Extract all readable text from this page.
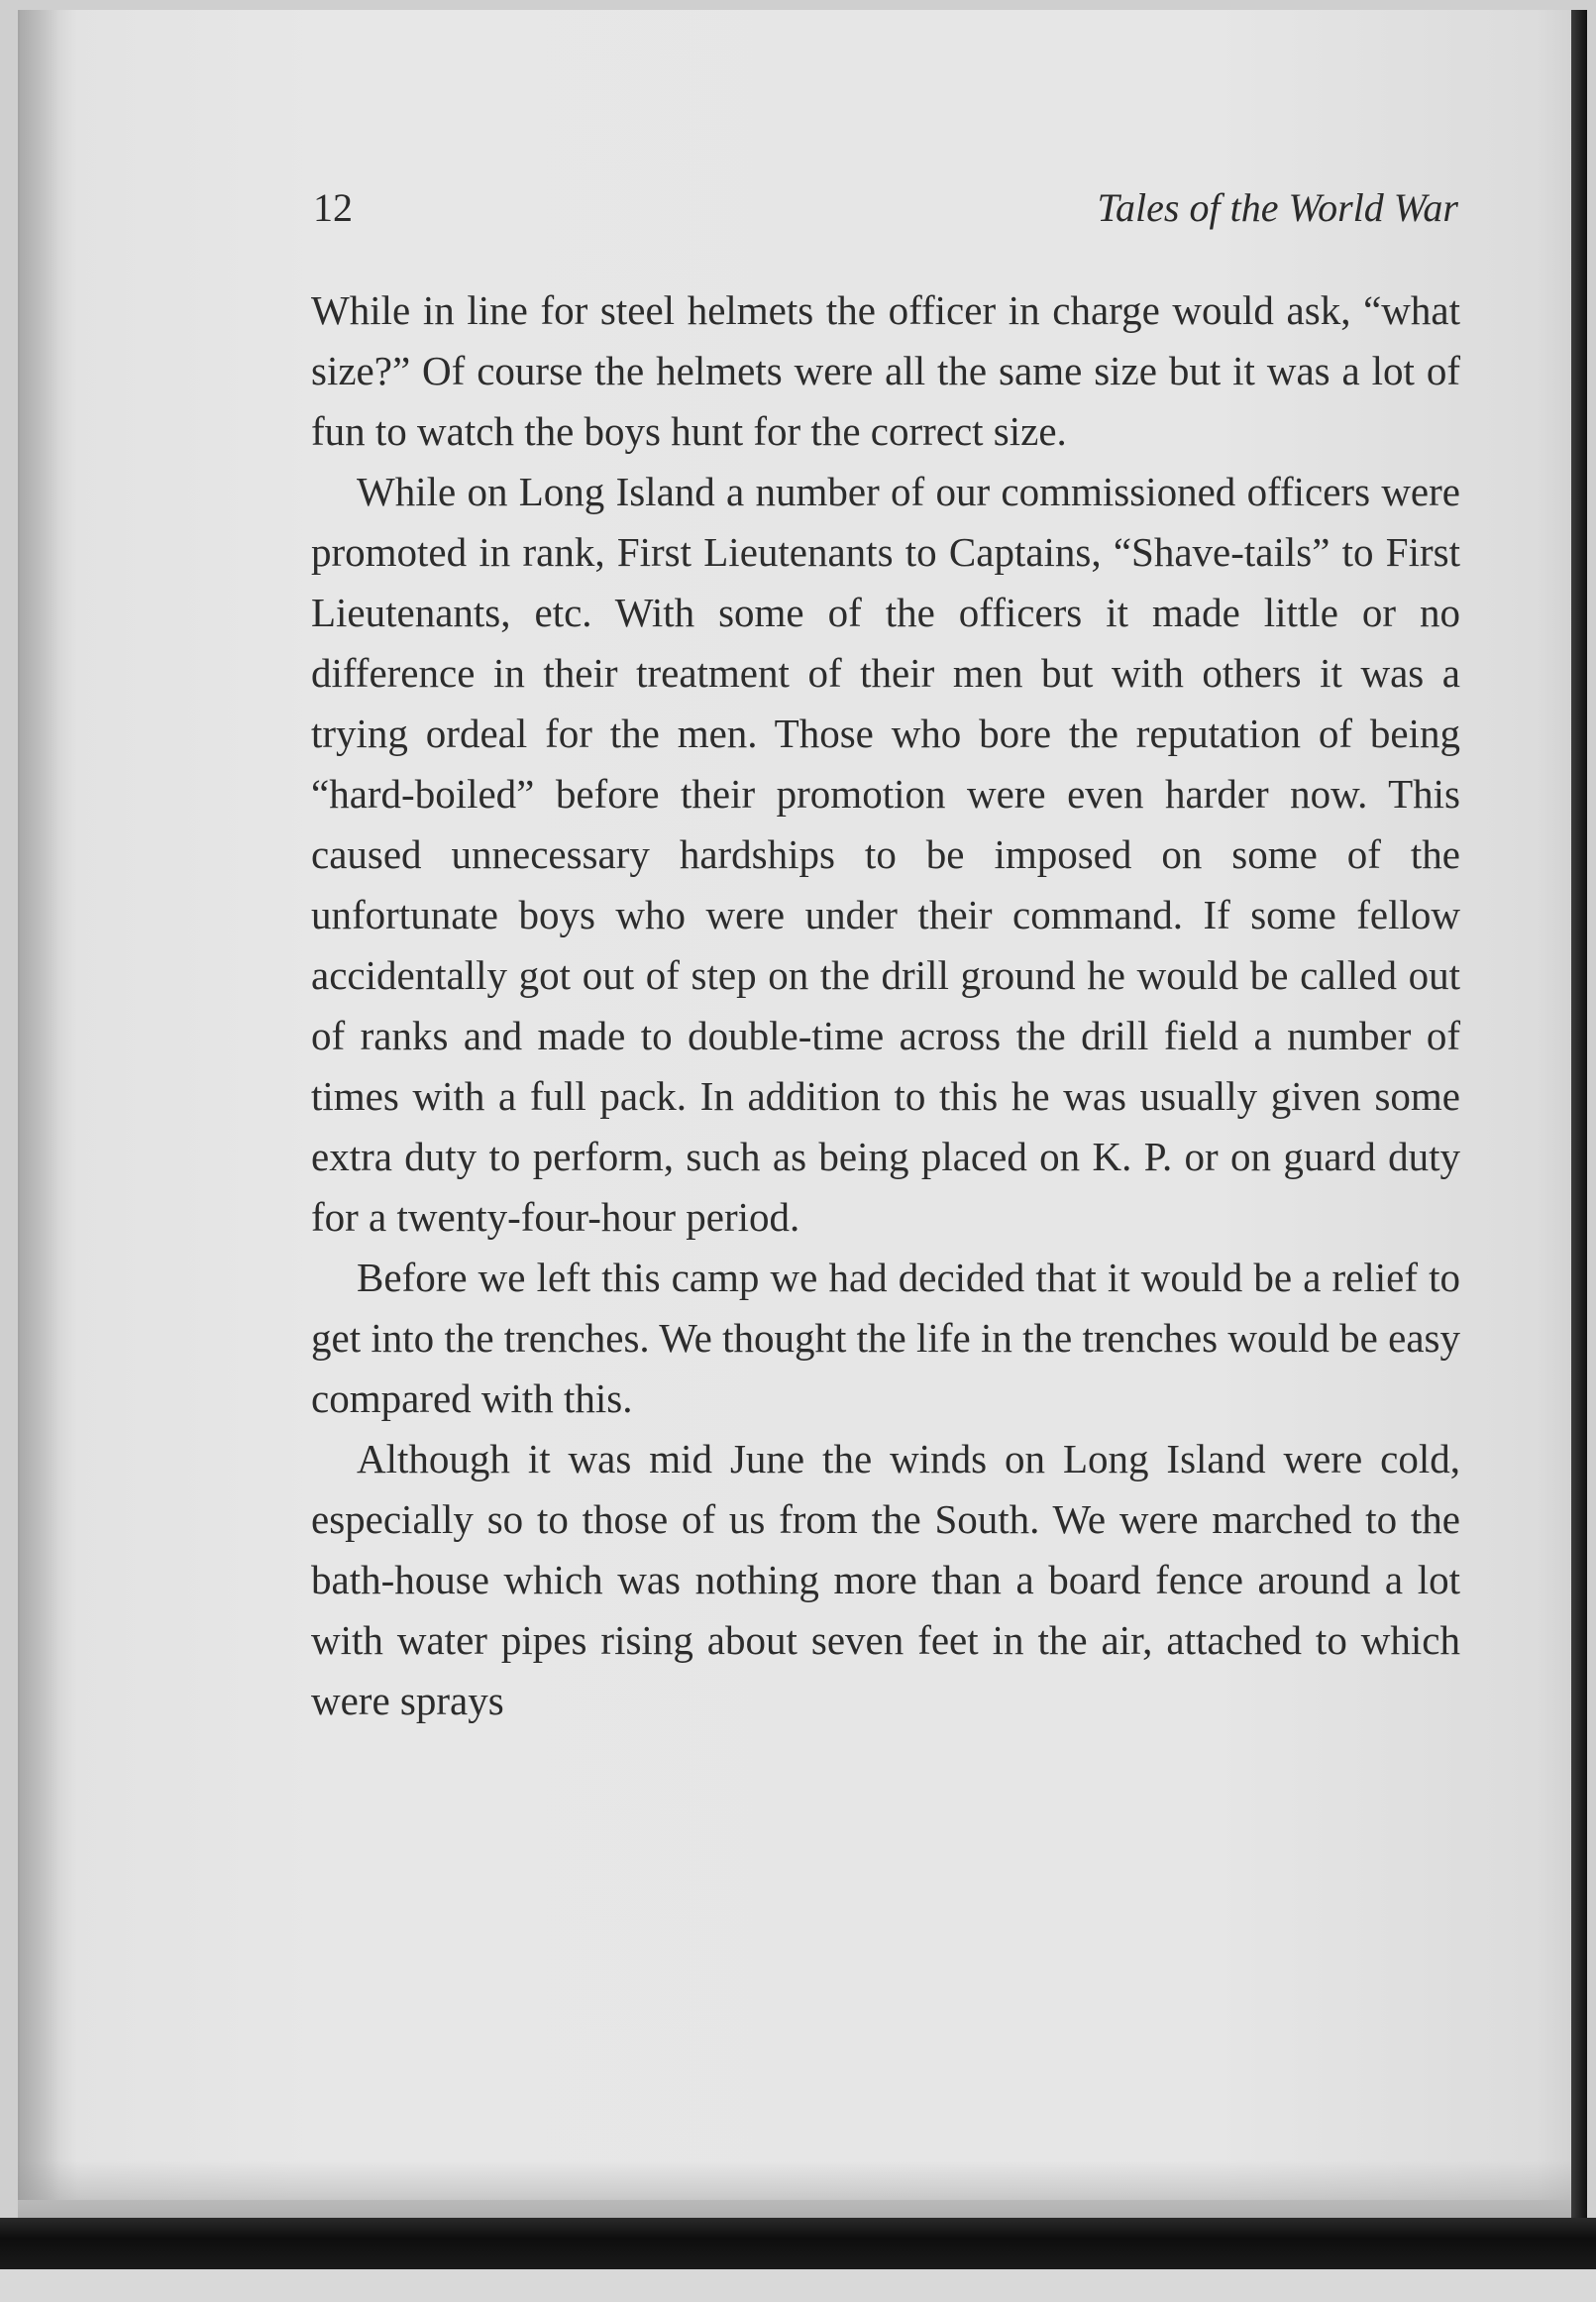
12	Tales of the World War

While in line for steel helmets the officer in charge would ask, “what size?” Of course the helmets were all the same size but it was a lot of fun to watch the boys hunt for the correct size.

While on Long Island a number of our commissioned officers were promoted in rank, First Lieutenants to Captains, “Shave-tails” to First Lieutenants, etc. With some of the officers it made little or no difference in their treatment of their men but with others it was a trying ordeal for the men. Those who bore the reputation of being “hard-boiled” before their promotion were even harder now. This caused unnecessary hardships to be imposed on some of the unfortunate boys who were under their command. If some fellow accidentally got out of step on the drill ground he would be called out of ranks and made to double-time across the drill field a number of times with a full pack. In addition to this he was usually given some extra duty to perform, such as being placed on K. P. or on guard duty for a twenty-four-hour period.

Before we left this camp we had decided that it would be a relief to get into the trenches. We thought the life in the trenches would be easy compared with this.

Although it was mid June the winds on Long Island were cold, especially so to those of us from the South. We were marched to the bath-house which was nothing more than a board fence around a lot with water pipes rising about seven feet in the air, attached to which were sprays
